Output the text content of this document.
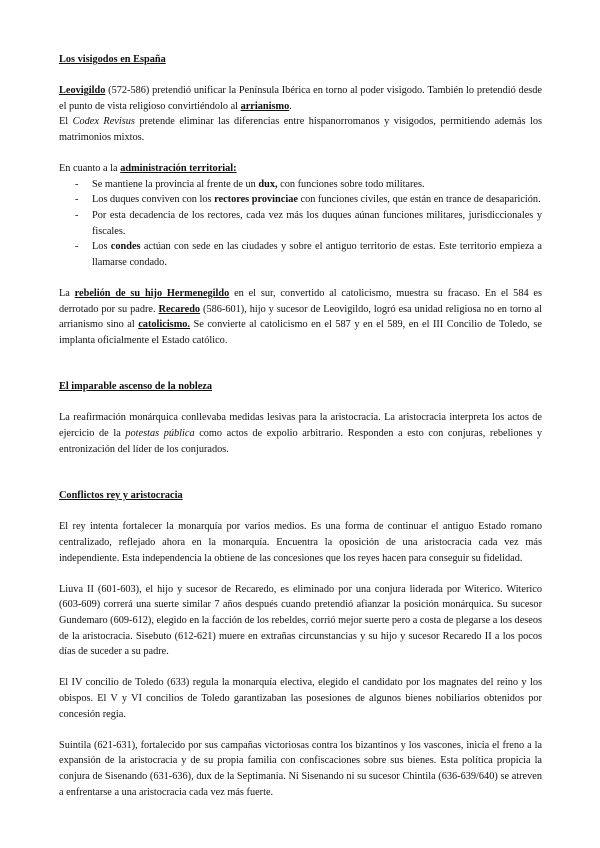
Los visigodos en España

Leovigildo (572-586) pretendió unificar la Península Ibérica en torno al poder visigodo. También lo pretendió desde el punto de vista religioso convirtiéndolo al arrianismo.

El Codex Revisus pretende eliminar las diferencias entre hispanorromanos y visigodos, permitiendo además los matrimonios mixtos.

En cuanto a la administración territorial:

- Se mantiene la provincia al frente de un dux, con funciones sobre todo militares.
- Los duques conviven con los rectores provinciae con funciones civiles, que están en trance de desaparición.
- Por esta decadencia de los rectores, cada vez más los duques aúnan funciones militares, jurisdiccionales y fiscales.
- Los condes actúan con sede en las ciudades y sobre el antiguo territorio de estas. Este territorio empieza a llamarse condado.

La rebelión de su hijo Hermenegildo en el sur, convertido al catolicismo, muestra su fracaso. En el 584 es derrotado por su padre. Recaredo (586-601), hijo y sucesor de Leovigildo, logró esa unidad religiosa no en torno al arrianismo sino al catolicismo. Se convierte al catolicismo en el 587 y en el 589, en el III Concilio de Toledo, se implanta oficialmente el Estado católico.

El imparable ascenso de la nobleza

La reafirmación monárquica conllevaba medidas lesivas para la aristocracia. La aristocracia interpreta los actos de ejercicio de la potestas pública como actos de expolio arbitrario. Responden a esto con conjuras, rebeliones y entronización del líder de los conjurados.

Conflictos rey y aristocracia

El rey intenta fortalecer la monarquía por varios medios. Es una forma de continuar el antiguo Estado romano centralizado, reflejado ahora en la monarquía. Encuentra la oposición de una aristocracia cada vez más independiente. Esta independencia la obtiene de las concesiones que los reyes hacen para conseguir su fidelidad.

Liuva II (601-603), el hijo y sucesor de Recaredo, es eliminado por una conjura liderada por Witerico. Witerico (603-609) correrá una suerte similar 7 años después cuando pretendió afianzar la posición monárquica. Su sucesor Gundemaro (609-612), elegido en la facción de los rebeldes, corrió mejor suerte pero a costa de plegarse a los deseos de la aristocracia. Sisebuto (612-621) muere en extrañas circunstancias y su hijo y sucesor Recaredo II a los pocos días de suceder a su padre.

El IV concilio de Toledo (633) regula la monarquía electiva, elegido el candidato por los magnates del reino y los obispos. El V y VI concilios de Toledo garantizaban las posesiones de algunos bienes nobiliarios obtenidos por concesión regia.

Suintila (621-631), fortalecido por sus campañas victoriosas contra los bizantinos y los vascones, inicia el freno a la expansión de la aristocracia y de su propia familia con confiscaciones sobre sus bienes. Esta política propicia la conjura de Sisenando (631-636), dux de la Septimania. Ni Sisenando ni su sucesor Chintila (636-639/640) se atreven a enfrentarse a una aristocracia cada vez más fuerte.
